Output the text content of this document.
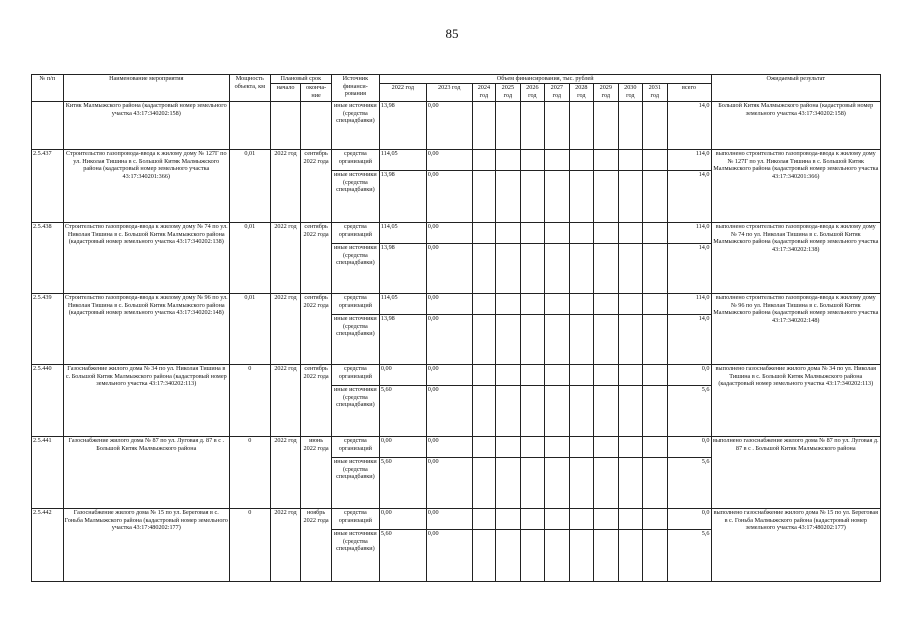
85
№ п/п	Наименование мероприятия	Мощность объекта, км	Плановый срок		Источник финанси-рования	Объем финансирования, тыс. рублей											Ожидаемый результат
			начало	оконча-ние		2022 год	2023 год	2024 год	2025 год	2026 год	2027 год	2028 год	2029 год	2030 год	2031 год	всего	
	Китяк Малмыжского района (кадастровый номер земельного участка 43:17:340202:158)				иные источники (средства спецнадбавки)	13,98	0,00									14,0	Большой Китяк Малмыжского района (кадастровый номер земельного участка 43:17:340202:158)
2.5.437	Строительство газопровода-ввода к жилому дому № 127Г по ул. Николая Тишина в с. Большой Китяк Малмыжского района (кадастровый номер земельного участка 43:17:340201:366)	0,01	2022 год	сентябрь 2022 года	средства организаций	114,05	0,00									114,0	выполнено строительство газопровода-ввода к жилому дому № 127Г по ул. Николая Тишина в с. Большой Китяк Малмыжского района (кадастровый номер земельного участка 43:17:340201:366)
					иные источники (средства спецнадбавки)	13,98	0,00									14,0	
2.5.438	Строительство газопровода-ввода к жилому дому № 74 по ул. Николая Тишина в с. Большой Китяк Малмыжского района (кадастровый номер земельного участка 43:17:340202:138)	0,01	2022 год	сентябрь 2022 года	средства организаций	114,05	0,00									114,0	выполнено строительство газопровода-ввода к жилому дому № 74 по ул. Николая Тишина в с. Большой Китяк Малмыжского района (кадастровый номер земельного участка 43:17:340202:138)
					иные источники (средства спецнадбавки)	13,98	0,00									14,0	
2.5.439	Строительство газопровода-ввода к жилому дому № 96 по ул. Николая Тишина в с. Большой Китяк Малмыжского района (кадастровый номер земельного участка 43:17:340202:148)	0,01	2022 год	сентябрь 2022 года	средства организаций	114,05	0,00									114,0	выполнено строительство газопровода-ввода к жилому дому № 96 по ул. Николая Тишина в с. Большой Китяк Малмыжского района (кадастровый номер земельного участка 43:17:340202:148)
					иные источники (средства спецнадбавки)	13,98	0,00									14,0	
2.5.440	Газоснабжение жилого дома № 34 по ул. Николая Тишина в с. Большой Китяк Малмыжского района (кадастровый номер земельного участка 43:17:340202:113)	0	2022 год	сентябрь 2022 года	средства организаций	0,00	0,00									0,0	выполнено газоснабжение жилого дома № 34 по ул. Николая Тишина в с. Большой Китяк Малмыжского района (кадастровый номер земельного участка 43:17:340202:113)
					иные источники (средства спецнадбавки)	5,60	0,00									5,6	
2.5.441	Газоснабжение жилого дома № 87 по ул. Луговая д. 87 в с . Большой Китяк Малмыжского района	0	2022 год	июнь 2022 года	средства организаций	0,00	0,00									0,0	выполнено газоснабжение жилого дома № 87 по ул. Луговая д. 87 в с . Большой Китяк Малмыжского района
					иные источники (средства спецнадбавки)	5,60	0,00									5,6	
2.5.442	Газоснабжение жилого дома № 15 по ул. Береговая в с. Гоньба Малмыжского района (кадастровый номер земельного участка 43:17:480202:177)	0	2022 год	ноябрь 2022 года	средства организаций	0,00	0,00									0,0	выполнено газоснабжение жилого дома № 15 по ул. Береговая в с. Гоньба Малмыжского района (кадастровый номер земельного участка 43:17:480202:177)
					иные источники (средства спецнадбавки)	5,60	0,00									5,6	
